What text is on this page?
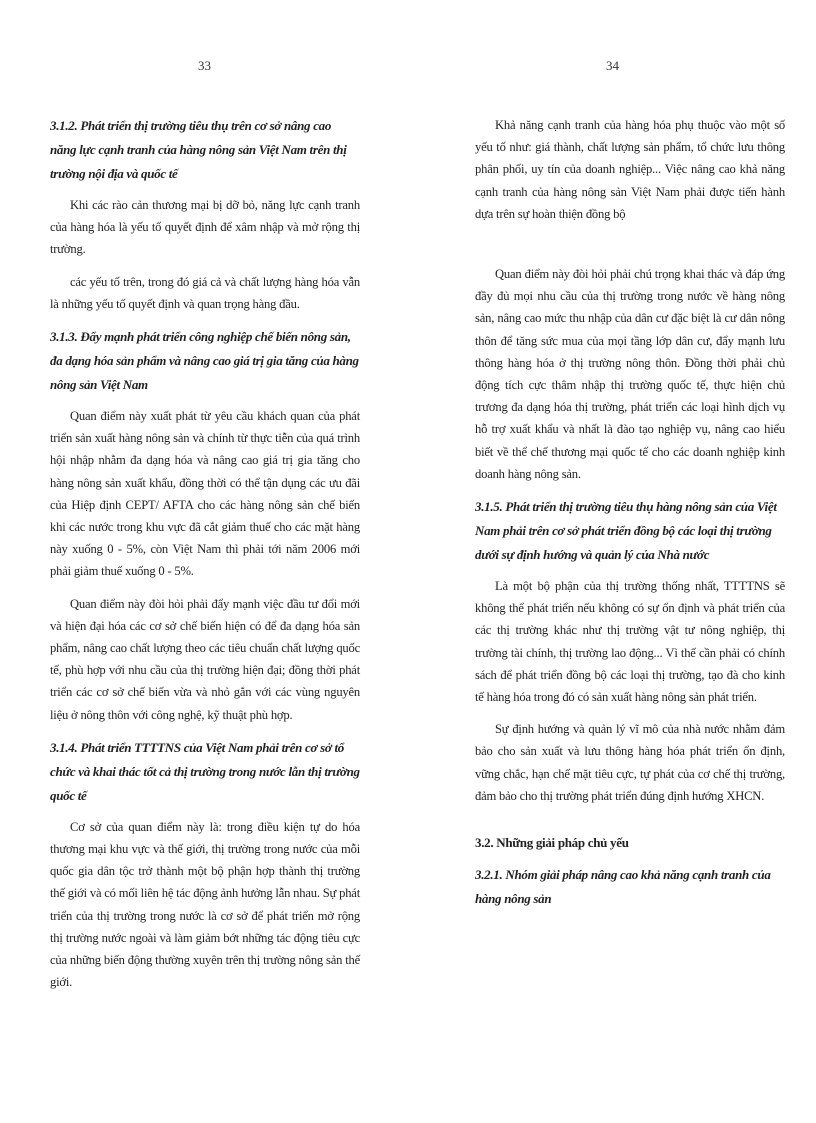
33	34

3.1.2. Phát triển thị trường tiêu thụ trên cơ sở nâng cao năng lực cạnh tranh của hàng nông sản Việt Nam trên thị trường nội địa và quốc tế

Khi các rào cản thương mại bị dỡ bỏ, năng lực cạnh tranh của hàng hóa là yếu tố quyết định để xâm nhập và mở rộng thị trường.

các yếu tố trên, trong đó giá cả và chất lượng hàng hóa vẫn là những yếu tố quyết định và quan trọng hàng đầu.

3.1.3. Đẩy mạnh phát triển công nghiệp chế biến nông sản, đa dạng hóa sản phẩm và nâng cao giá trị gia tăng của hàng nông sản Việt Nam

Quan điểm này xuất phát từ yêu cầu khách quan của phát triển sản xuất hàng nông sản và chính từ thực tiễn của quá trình hội nhập nhằm đa dạng hóa và nâng cao giá trị gia tăng cho hàng nông sản xuất khẩu, đồng thời có thể tận dụng các ưu đãi của Hiệp định CEPT/ AFTA cho các hàng nông sản chế biến khi các nước trong khu vực đã cắt giảm thuế cho các mặt hàng này xuống 0 - 5%, còn Việt Nam thì phải tới năm 2006 mới phải giảm thuế xuống 0 - 5%.

Quan điểm này đòi hỏi phải đẩy mạnh việc đầu tư đổi mới và hiện đại hóa các cơ sở chế biến hiện có để đa dạng hóa sản phẩm, nâng cao chất lượng theo các tiêu chuẩn chất lượng quốc tế, phù hợp với nhu cầu của thị trường hiện đại; đồng thời phát triển các cơ sở chế biến vừa và nhỏ gắn với các vùng nguyên liệu ở nông thôn với công nghệ, kỹ thuật phù hợp.

3.1.4. Phát triển TTTTNS của Việt Nam phải trên cơ sở tổ chức và khai thác tốt cả thị trường trong nước lẫn thị trường quốc tế

Cơ sở của quan điểm này là: trong điều kiện tự do hóa thương mại khu vực và thế giới, thị trường trong nước của mỗi quốc gia dân tộc trở thành một bộ phận hợp thành thị trường thế giới và có mối liên hệ tác động ảnh hưởng lẫn nhau. Sự phát triển của thị trường trong nước là cơ sở để phát triển mở rộng thị trường nước ngoài và làm giảm bớt những tác động tiêu cực của những biến động thường xuyên trên thị trường nông sản thế giới.

Khả năng cạnh tranh của hàng hóa phụ thuộc vào một số yếu tố như: giá thành, chất lượng sản phẩm, tổ chức lưu thông phân phối, uy tín của doanh nghiệp... Việc nâng cao khả năng cạnh tranh của hàng nông sản Việt Nam phải được tiến hành dựa trên sự hoàn thiện đồng bộ

Quan điểm này đòi hỏi phải chú trọng khai thác và đáp ứng đầy đủ mọi nhu cầu của thị trường trong nước về hàng nông sản, nâng cao mức thu nhập của dân cư đặc biệt là cư dân nông thôn để tăng sức mua của mọi tầng lớp dân cư, đẩy mạnh lưu thông hàng hóa ở thị trường nông thôn. Đồng thời phải chủ động tích cực thâm nhập thị trường quốc tế, thực hiện chủ trương đa dạng hóa thị trường, phát triển các loại hình dịch vụ hỗ trợ xuất khẩu và nhất là đào tạo nghiệp vụ, nâng cao hiểu biết về thể chế thương mại quốc tế cho các doanh nghiệp kinh doanh hàng nông sản.

3.1.5. Phát triển thị trường tiêu thụ hàng nông sản của Việt Nam phải trên cơ sở phát triển đồng bộ các loại thị trường dưới sự định hướng và quản lý của Nhà nước

Là một bộ phận của thị trường thống nhất, TTTTNS sẽ không thể phát triển nếu không có sự ổn định và phát triển của các thị trường khác như thị trường vật tư nông nghiệp, thị trường tài chính, thị trường lao động... Vì thế cần phải có chính sách để phát triển đồng bộ các loại thị trường, tạo đà cho kinh tế hàng hóa trong đó có sản xuất hàng nông sản phát triển.

Sự định hướng và quản lý vĩ mô của nhà nước nhằm đảm bảo cho sản xuất và lưu thông hàng hóa phát triển ổn định, vững chắc, hạn chế mặt tiêu cực, tự phát của cơ chế thị trường, đảm bảo cho thị trường phát triển đúng định hướng XHCN.

3.2. Những giải pháp chủ yếu

3.2.1. Nhóm giải pháp nâng cao khả năng cạnh tranh của hàng nông sản
